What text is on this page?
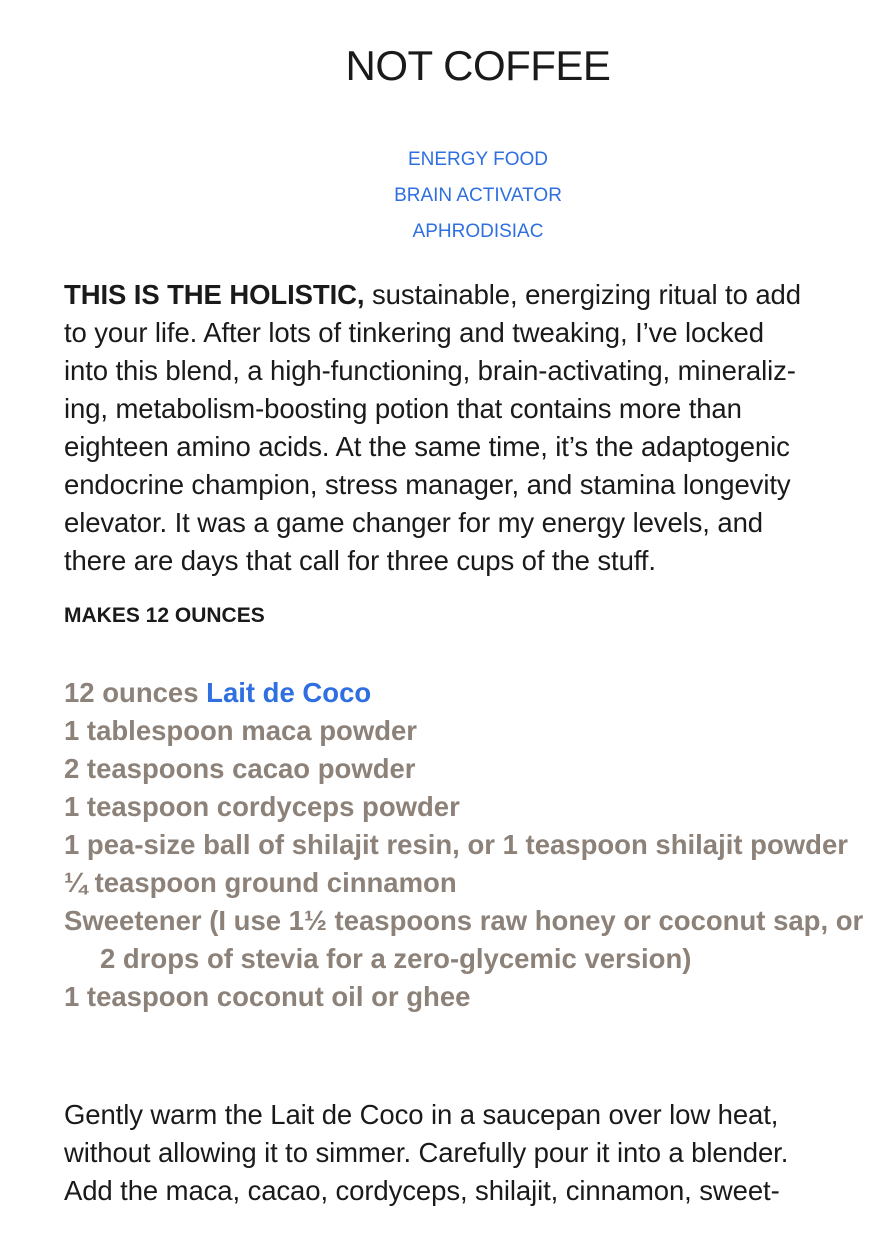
NOT COFFEE
ENERGY FOOD
BRAIN ACTIVATOR
APHRODISIAC

THIS IS THE HOLISTIC, sustainable, energizing ritual to add
to your life. After lots of tinkering and tweaking, I’ve locked
into this blend, a high-functioning, brain-activating, mineraliz-
ing, metabolism-boosting potion that contains more than
eighteen amino acids. At the same time, it’s the adaptogenic
endocrine champion, stress manager, and stamina longevity
elevator. It was a game changer for my energy levels, and
there are days that call for three cups of the stuff.

MAKES 12 OUNCES

12 ounces Lait de Coco
1 tablespoon maca powder
2 teaspoons cacao powder
1 teaspoon cordyceps powder
1 pea-size ball of shilajit resin, or 1 teaspoon shilajit powder
¼ teaspoon ground cinnamon
Sweetener (I use 1½ teaspoons raw honey or coconut sap, or 2 drops of stevia for a zero-glycemic version)
1 teaspoon coconut oil or ghee

Gently warm the Lait de Coco in a saucepan over low heat,
without allowing it to simmer. Carefully pour it into a blender.
Add the maca, cacao, cordyceps, shilajit, cinnamon, sweet-
